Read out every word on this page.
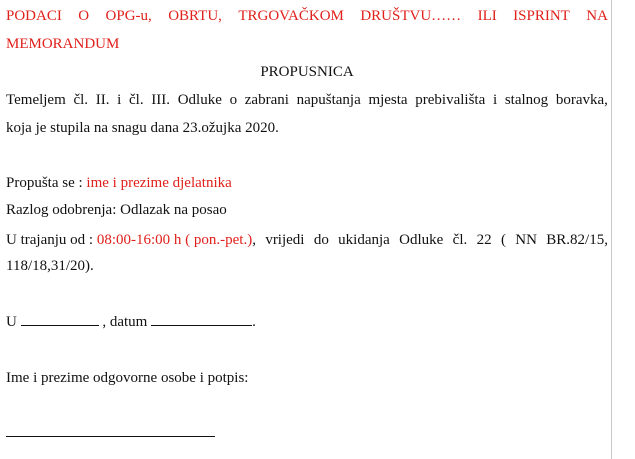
PODACI O OPG-u, OBRTU, TRGOVAČKOM DRUŠTVU…… ILI ISPRINT NA
MEMORANDUM
PROPUSNICA
Temeljem čl. II. i čl. III. Odluke o zabrani napuštanja mjesta prebivališta i stalnog boravka,
koja je stupila na snagu dana 23.ožujka 2020.
Propušta se : ime i prezime djelatnika
Razlog odobrenja: Odlazak na posao
U trajanju od : 08:00-16:00 h ( pon.-pet.), vrijedi do ukidanja Odluke čl. 22 ( NN BR.82/15,
118/18,31/20).
U	, datum	.
Ime i prezime odgovorne osobe i potpis:
